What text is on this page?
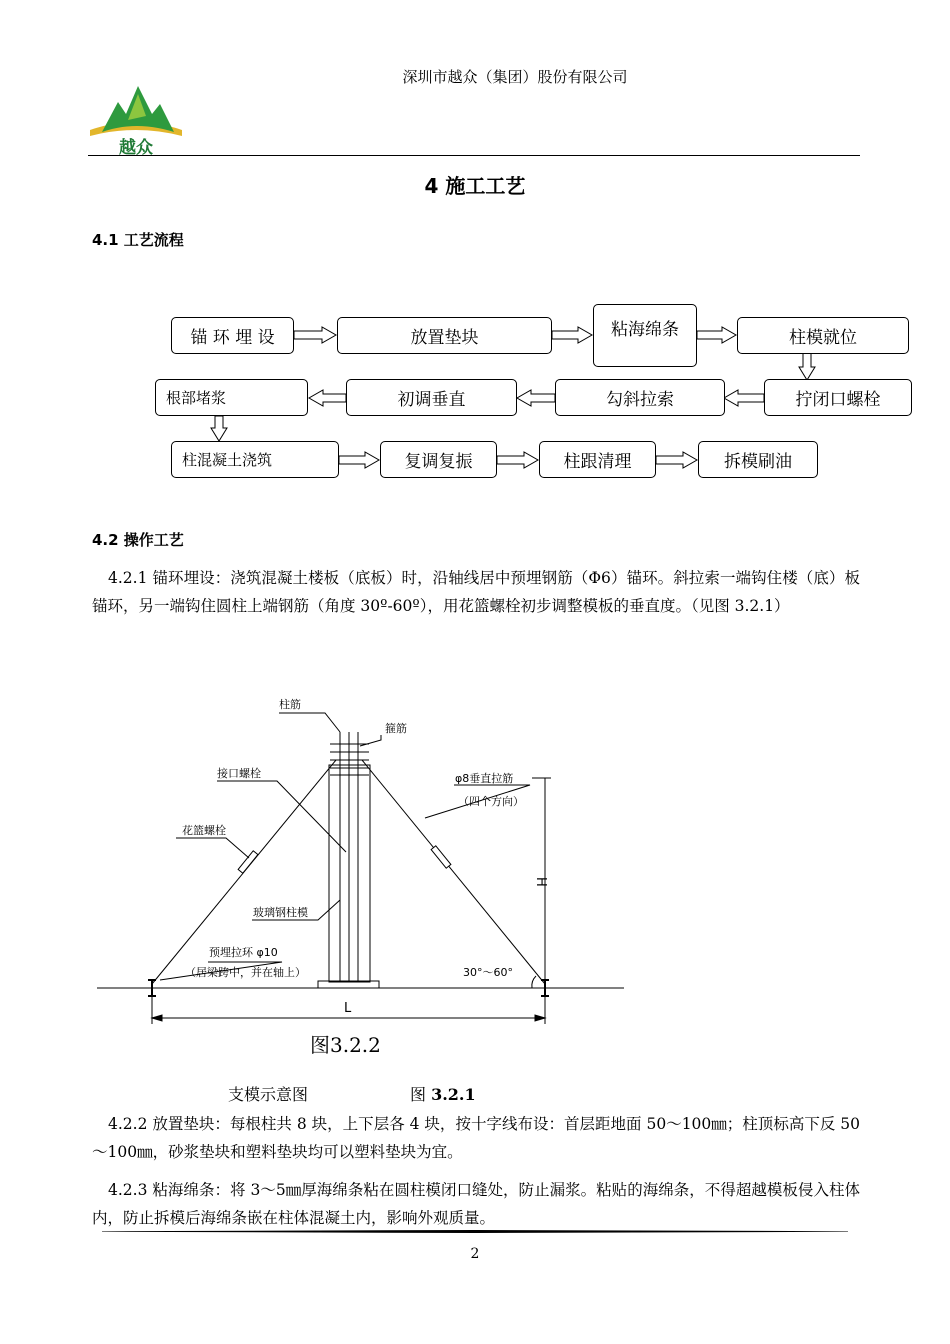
深圳市越众（集团）股份有限公司
越众
4 施工工艺
4.1 工艺流程
锚 环 埋 设	放置垫块	粘海绵条	柱模就位
根部堵浆	初调垂直	勾斜拉索	拧闭口螺栓
柱混凝土浇筑	复调复振	柱跟清理	拆模刷油
4.2 操作工艺

4.2.1 锚环埋设：浇筑混凝土楼板（底板）时，沿轴线居中预埋钢筋（Φ6）锚环。斜拉索一端钩住楼（底）板锚环，另一端钩住圆柱上端钢筋（角度 30º-60º），用花篮螺栓初步调整模板的垂直度。（见图 3.2.1）

柱筋
箍筋
接口螺栓
花篮螺栓
玻璃钢柱模
预埋拉环 φ10
（居梁跨中，并在轴上）
φ8垂直拉筋
（四个方向）
30°～60°
H
L
图3.2.2
支模示意图	图 3.2.1

4.2.2 放置垫块：每根柱共 8 块，上下层各 4 块，按十字线布设：首层距地面 50～100㎜；柱顶标高下反 50～100㎜，砂浆垫块和塑料垫块均可以塑料垫块为宜。

4.2.3 粘海绵条：将 3～5㎜厚海绵条粘在圆柱模闭口缝处，防止漏浆。粘贴的海绵条，不得超越模板侵入柱体内，防止拆模后海绵条嵌在柱体混凝土内，影响外观质量。

2
